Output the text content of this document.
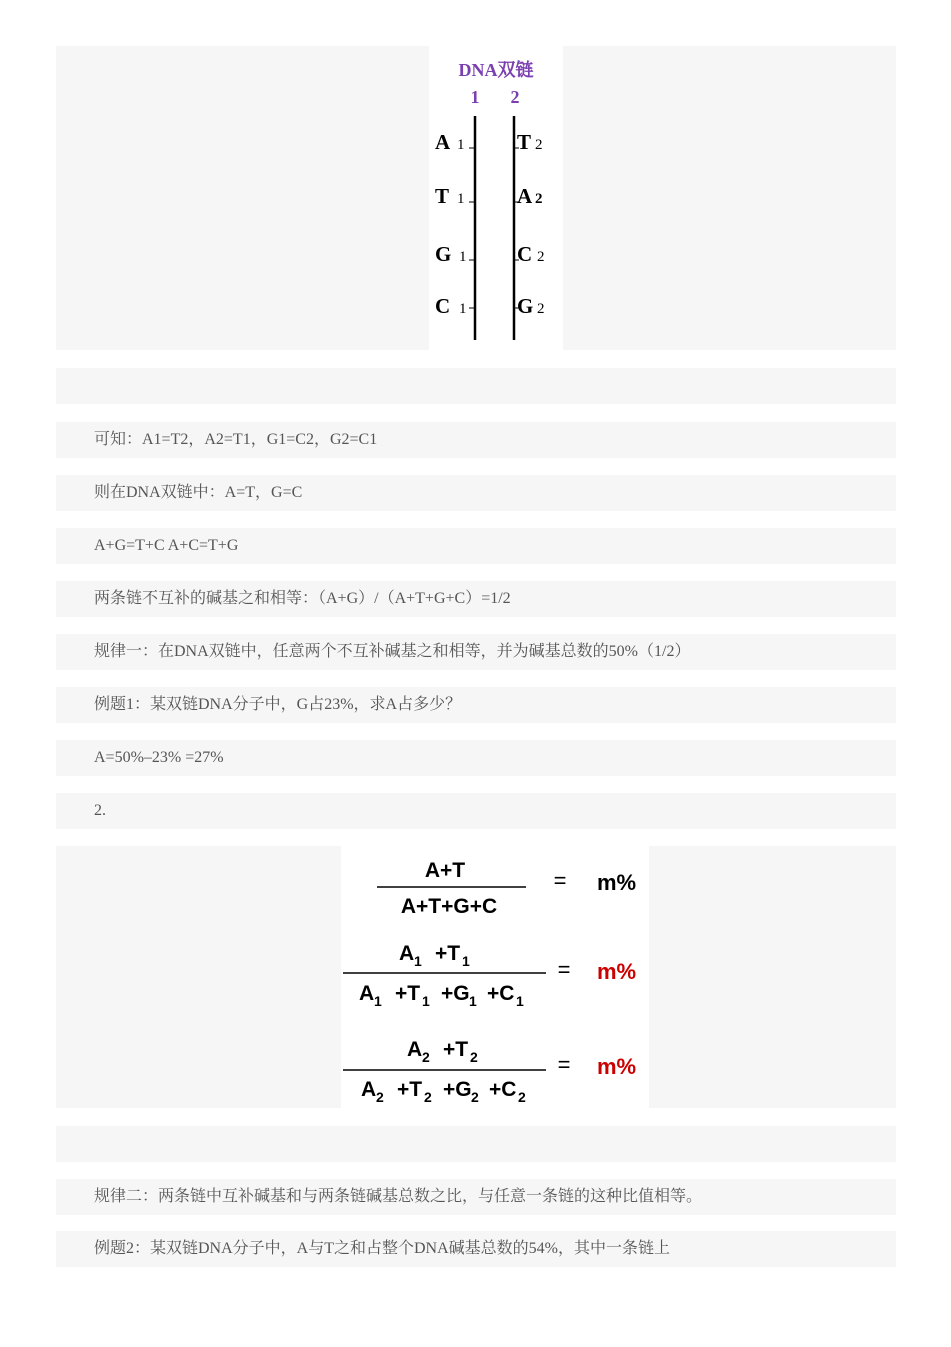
DNA双链
1 2
A 1	T 2
T 1	A 2
G 1 C 2
C 1 G 2
可知：A1=T2，A2=T1，G1=C2，G2=C1
则在DNA双链中：A=T，G=C
A+G=T+C A+C=T+G
两条链不互补的碱基之和相等：（A+G）/（A+T+G+C）=1/2
规律一：在DNA双链中，任意两个不互补碱基之和相等，并为碱基总数的50%（1/2）
例题1：某双链DNA分子中，G占23%，求A占多少？
A=50%–23% =27%
2.
A+T
A+T+G+C
= m%
A 1 +T 1
A 1 +T 1 +G 1 +C 1
= m%
A 2 +T 2
A 2 +T 2 +G 2 +C 2
= m%
规律二：两条链中互补碱基和与两条链碱基总数之比，与任意一条链的这种比值相等。
例题2：某双链DNA分子中，A与T之和占整个DNA碱基总数的54%，其中一条链上
